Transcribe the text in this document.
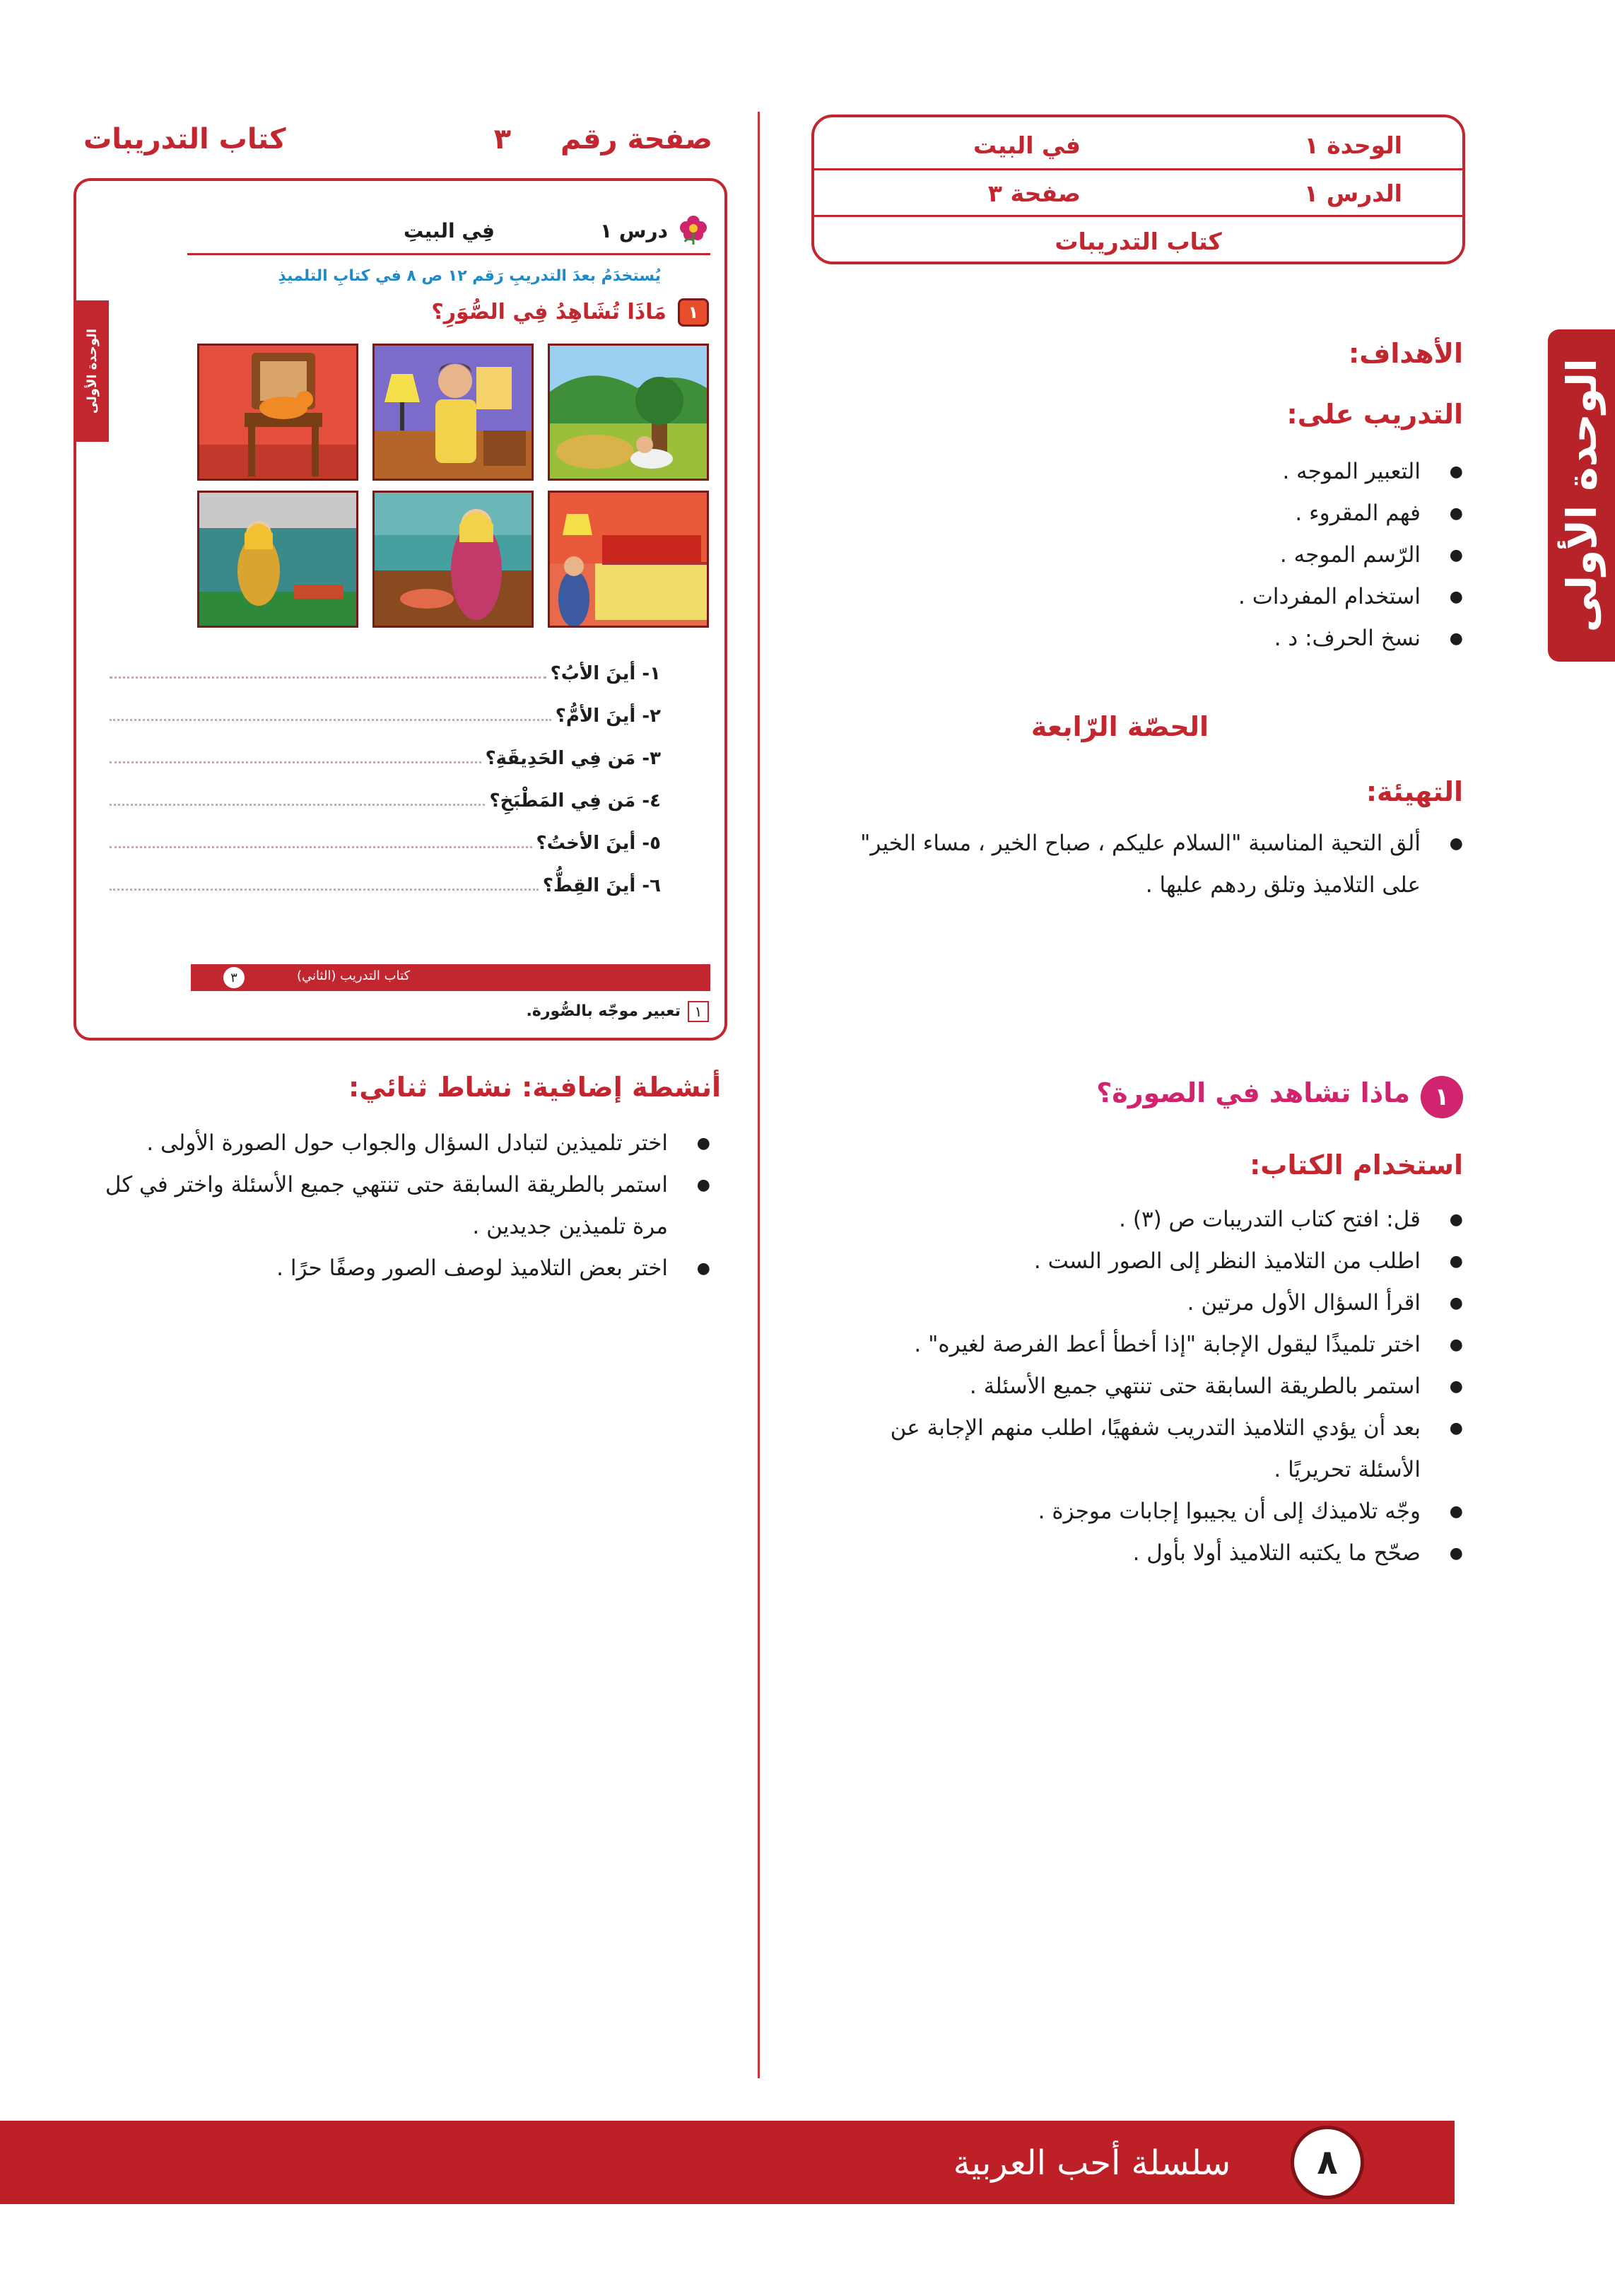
الوحدة الأولى
الوحدة ١
في البيت
الدرس ١
صفحة ٣
كتاب التدريبات
الأهداف:
التدريب على:
● التعبير الموجه .
● فهم المقروء .
● الرّسم الموجه .
● استخدام المفردات .
● نسخ الحرف: د .
الحصّة الرّابعة
التهيئة:
● ألق التحية المناسبة "السلام عليكم ، صباح الخير ، مساء الخير" على التلاميذ وتلق ردهم عليها .
١
ماذا تشاهد في الصورة؟
استخدام الكتاب:
● قل: افتح كتاب التدريبات ص (٣) .
● اطلب من التلاميذ النظر إلى الصور الست .
● اقرأ السؤال الأول مرتين .
● اختر تلميذًا ليقول الإجابة "إذا أخطأ أعط الفرصة لغيره" .
● استمر بالطريقة السابقة حتى تنتهي جميع الأسئلة .
● بعد أن يؤدي التلاميذ التدريب شفهيًا، اطلب منهم الإجابة عن الأسئلة تحريريًا .
● وجّه تلاميذك إلى أن يجيبوا إجابات موجزة .
● صحّح ما يكتبه التلاميذ أولا بأول .
صفحة رقم
٣
كتاب التدريبات
درس ١
فِي البيتِ
يُستخدَمُ بعدَ التدريبِ رَقم ١٢ ص ٨ في كتابِ التلميذِ
١
مَاذَا تُشَاهِدُ فِي الصُّوَرِ؟
١- أينَ الأبُ؟
٢- أينَ الأمُّ؟
٣- مَن فِي الحَدِيقَةِ؟
٤- مَن فِي المَطْبَخِ؟
٥- أينَ الأختُ؟
٦- أينَ القِطُّ؟
كتاب التدريب (الثاني)
٣
١
تعبير موجّه بالصُّورة.
الوحدة الأولى
أنشطة إضافية: نشاط ثنائي:
● اختر تلميذين لتبادل السؤال والجواب حول الصورة الأولى .
● استمر بالطريقة السابقة حتى تنتهي جميع الأسئلة واختر في كل مرة تلميذين جديدين .
● اختر بعض التلاميذ لوصف الصور وصفًا حرًا .
سلسلة أحب العربية	٨
